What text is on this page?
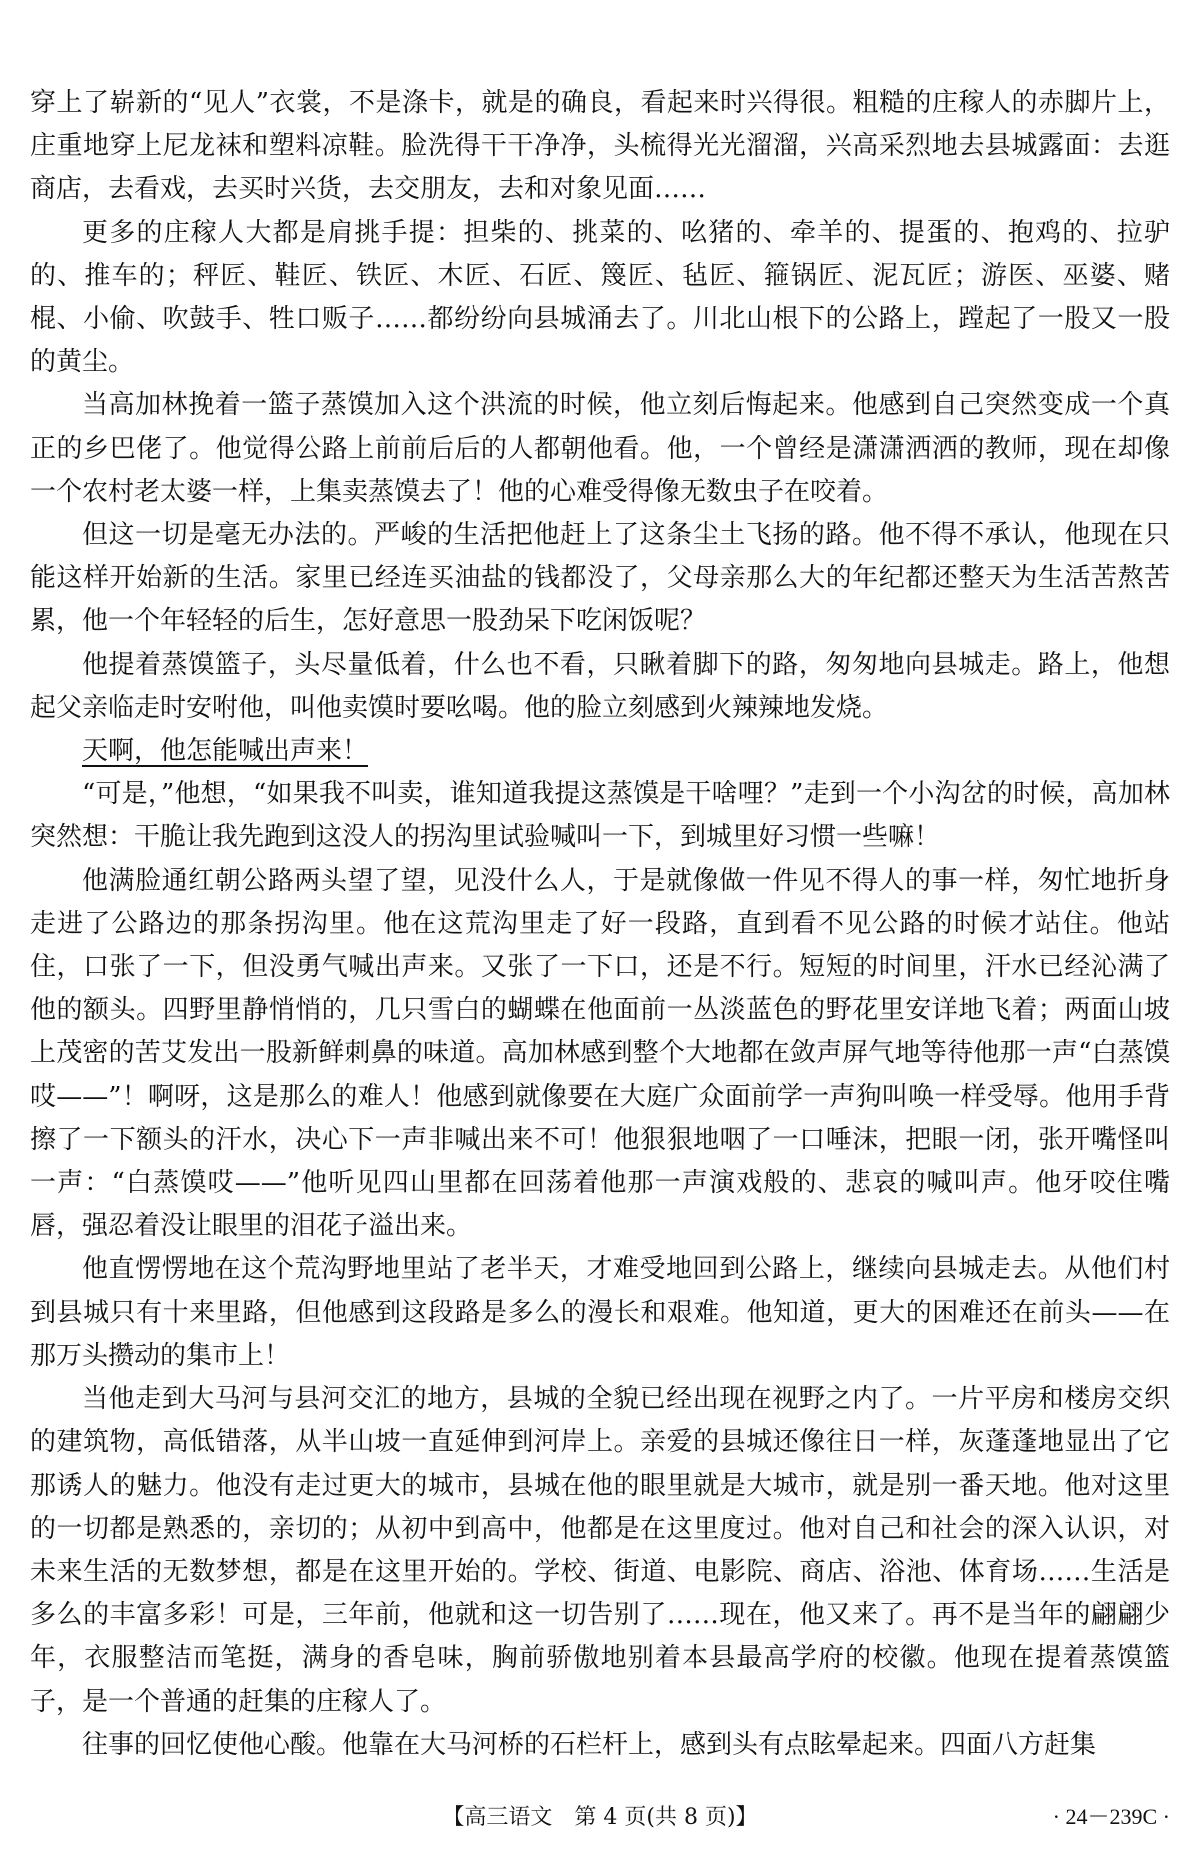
穿上了崭新的“见人”衣裳，不是涤卡，就是的确良，看起来时兴得很。粗糙的庄稼人的赤脚片上，庄重地穿上尼龙袜和塑料凉鞋。脸洗得干干净净，头梳得光光溜溜，兴高采烈地去县城露面：去逛商店，去看戏，去买时兴货，去交朋友，去和对象见面……

更多的庄稼人大都是肩挑手提：担柴的、挑菜的、吆猪的、牵羊的、提蛋的、抱鸡的、拉驴的、推车的；秤匠、鞋匠、铁匠、木匠、石匠、篾匠、毡匠、箍锅匠、泥瓦匠；游医、巫婆、赌棍、小偷、吹鼓手、牲口贩子……都纷纷向县城涌去了。川北山根下的公路上，蹚起了一股又一股的黄尘。

当高加林挽着一篮子蒸馍加入这个洪流的时候，他立刻后悔起来。他感到自己突然变成一个真正的乡巴佬了。他觉得公路上前前后后的人都朝他看。他，一个曾经是潇潇洒洒的教师，现在却像一个农村老太婆一样，上集卖蒸馍去了！他的心难受得像无数虫子在咬着。

但这一切是毫无办法的。严峻的生活把他赶上了这条尘土飞扬的路。他不得不承认，他现在只能这样开始新的生活。家里已经连买油盐的钱都没了，父母亲那么大的年纪都还整天为生活苦熬苦累，他一个年轻轻的后生，怎好意思一股劲呆下吃闲饭呢？

他提着蒸馍篮子，头尽量低着，什么也不看，只瞅着脚下的路，匆匆地向县城走。路上，他想起父亲临走时安咐他，叫他卖馍时要吆喝。他的脸立刻感到火辣辣地发烧。

天啊，他怎能喊出声来！

“可是，”他想，“如果我不叫卖，谁知道我提这蒸馍是干啥哩？”走到一个小沟岔的时候，高加林突然想：干脆让我先跑到这没人的拐沟里试验喊叫一下，到城里好习惯一些嘛！

他满脸通红朝公路两头望了望，见没什么人，于是就像做一件见不得人的事一样，匆忙地折身走进了公路边的那条拐沟里。他在这荒沟里走了好一段路，直到看不见公路的时候才站住。他站住，口张了一下，但没勇气喊出声来。又张了一下口，还是不行。短短的时间里，汗水已经沁满了他的额头。四野里静悄悄的，几只雪白的蝴蝶在他面前一丛淡蓝色的野花里安详地飞着；两面山坡上茂密的苦艾发出一股新鲜刺鼻的味道。高加林感到整个大地都在敛声屏气地等待他那一声“白蒸馍哎——”！啊呀，这是那么的难人！他感到就像要在大庭广众面前学一声狗叫唤一样受辱。他用手背擦了一下额头的汗水，决心下一声非喊出来不可！他狠狠地咽了一口唾沫，把眼一闭，张开嘴怪叫一声：“白蒸馍哎——”他听见四山里都在回荡着他那一声演戏般的、悲哀的喊叫声。他牙咬住嘴唇，强忍着没让眼里的泪花子溢出来。

他直愣愣地在这个荒沟野地里站了老半天，才难受地回到公路上，继续向县城走去。从他们村到县城只有十来里路，但他感到这段路是多么的漫长和艰难。他知道，更大的困难还在前头——在那万头攒动的集市上！

当他走到大马河与县河交汇的地方，县城的全貌已经出现在视野之内了。一片平房和楼房交织的建筑物，高低错落，从半山坡一直延伸到河岸上。亲爱的县城还像往日一样，灰蓬蓬地显出了它那诱人的魅力。他没有走过更大的城市，县城在他的眼里就是大城市，就是别一番天地。他对这里的一切都是熟悉的，亲切的；从初中到高中，他都是在这里度过。他对自己和社会的深入认识，对未来生活的无数梦想，都是在这里开始的。学校、街道、电影院、商店、浴池、体育场……生活是多么的丰富多彩！可是，三年前，他就和这一切告别了……现在，他又来了。再不是当年的翩翩少年，衣服整洁而笔挺，满身的香皂味，胸前骄傲地别着本县最高学府的校徽。他现在提着蒸馍篮子，是一个普通的赶集的庄稼人了。

往事的回忆使他心酸。他靠在大马河桥的石栏杆上，感到头有点眩晕起来。四面八方赶集

【高三语文　第 4 页(共 8 页)】	· 24－239C ·
